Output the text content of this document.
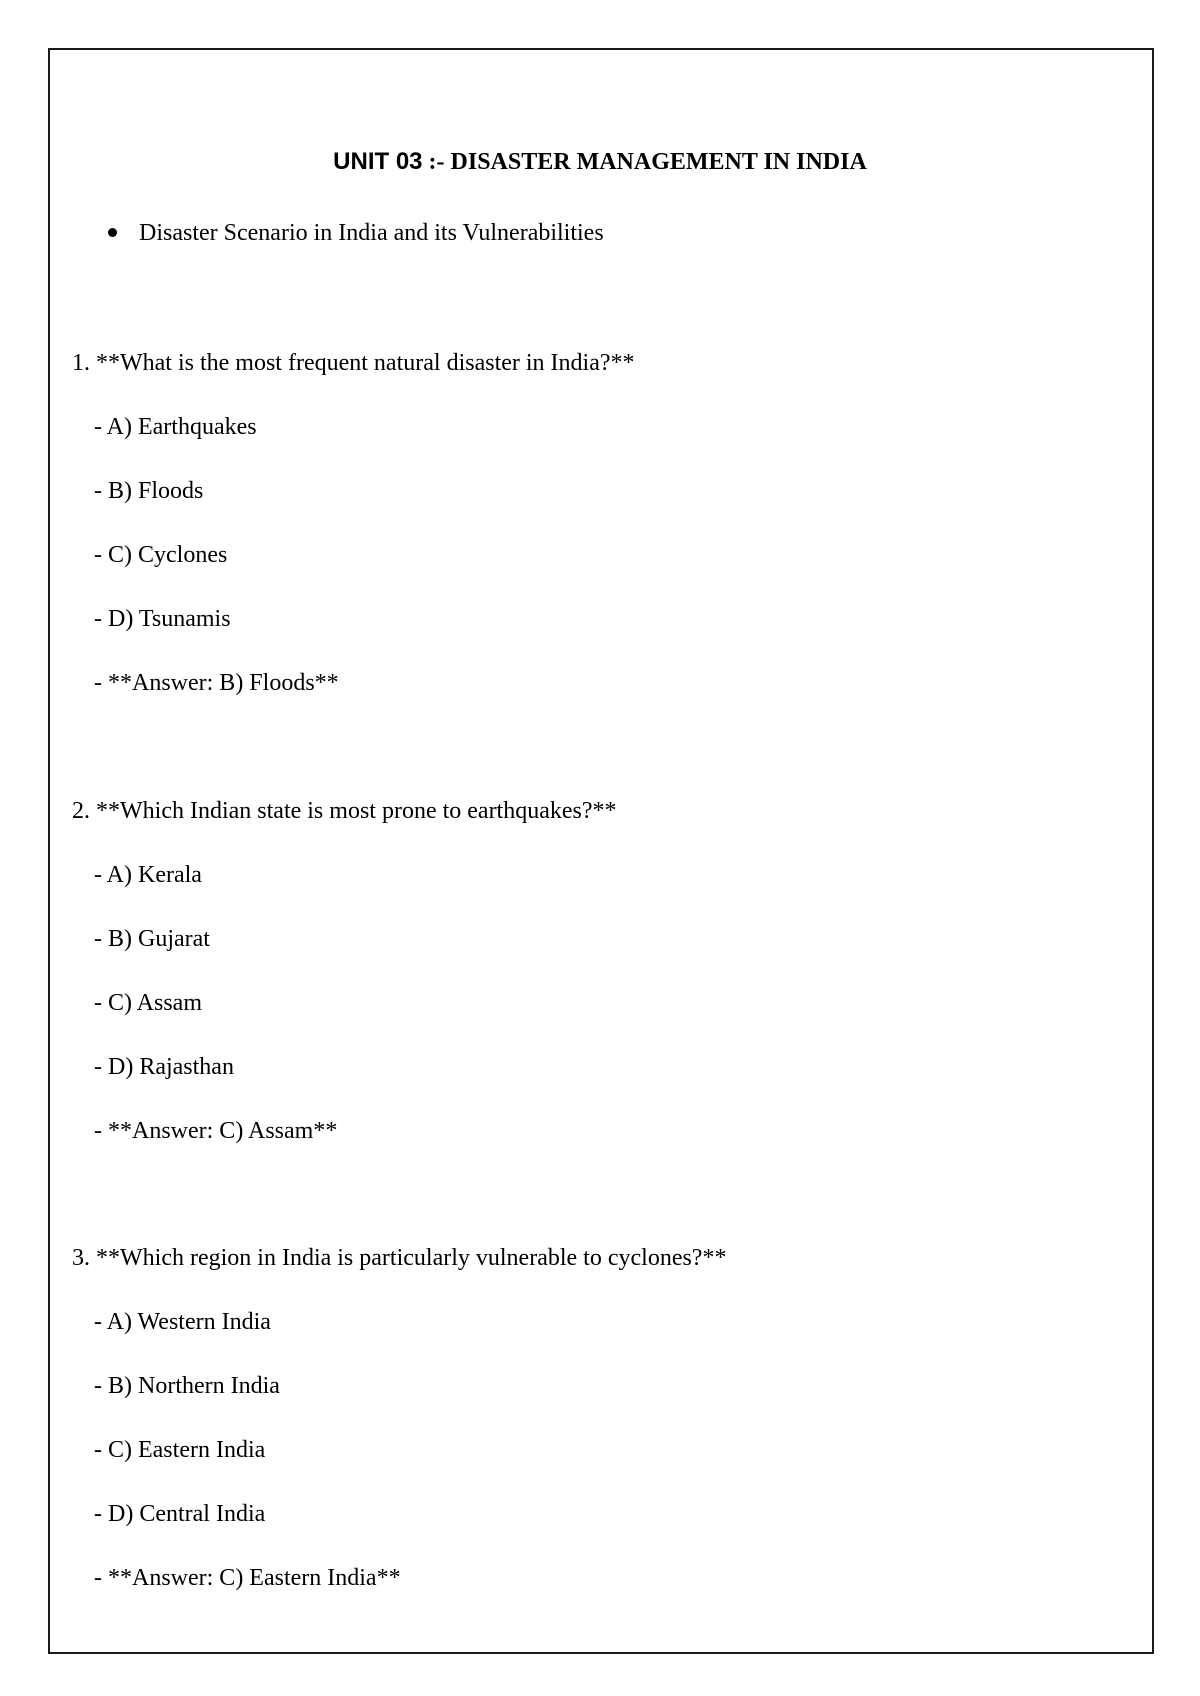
UNIT 03 :- DISASTER MANAGEMENT IN INDIA
Disaster Scenario in India and its Vulnerabilities
1. **What is the most frequent natural disaster in India?**
- A) Earthquakes
- B) Floods
- C) Cyclones
- D) Tsunamis
- **Answer: B) Floods**
2. **Which Indian state is most prone to earthquakes?**
- A) Kerala
- B) Gujarat
- C) Assam
- D) Rajasthan
- **Answer: C) Assam**
3. **Which region in India is particularly vulnerable to cyclones?**
- A) Western India
- B) Northern India
- C) Eastern India
- D) Central India
- **Answer: C) Eastern India**
